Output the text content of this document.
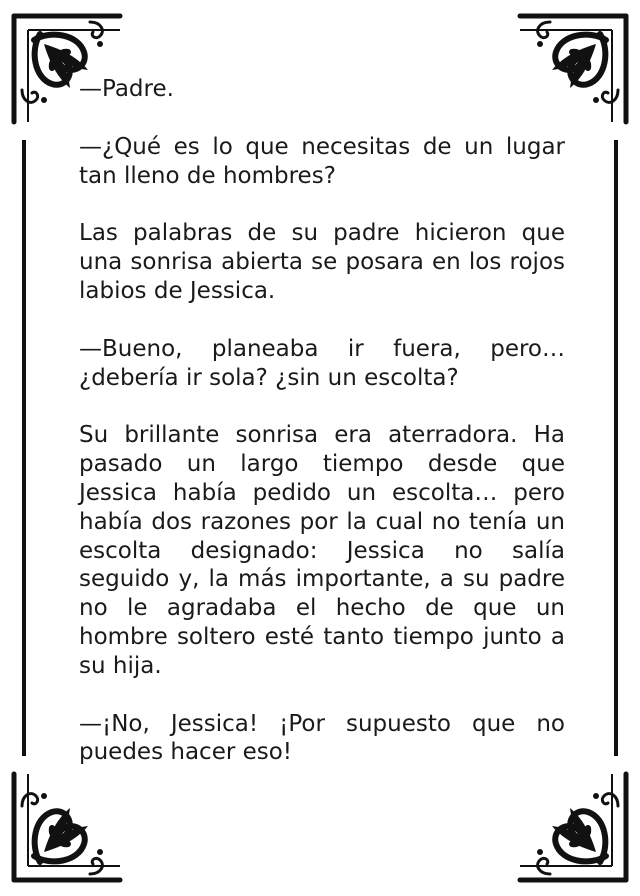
—Padre.

—¿Qué es lo que necesitas de un lugar tan lleno de hombres?

Las palabras de su padre hicieron que una sonrisa abierta se posara en los rojos labios de Jessica.

—Bueno, planeaba ir fuera, pero… ¿debería ir sola? ¿sin un escolta?

Su brillante sonrisa era aterradora. Ha pasado un largo tiempo desde que Jessica había pedido un escolta… pero había dos razones por la cual no tenía un escolta designado: Jessica no salía seguido y, la más importante, a su padre no le agradaba el hecho de que un hombre soltero esté tanto tiempo junto a su hija.

—¡No, Jessica! ¡Por supuesto que no puedes hacer eso!
